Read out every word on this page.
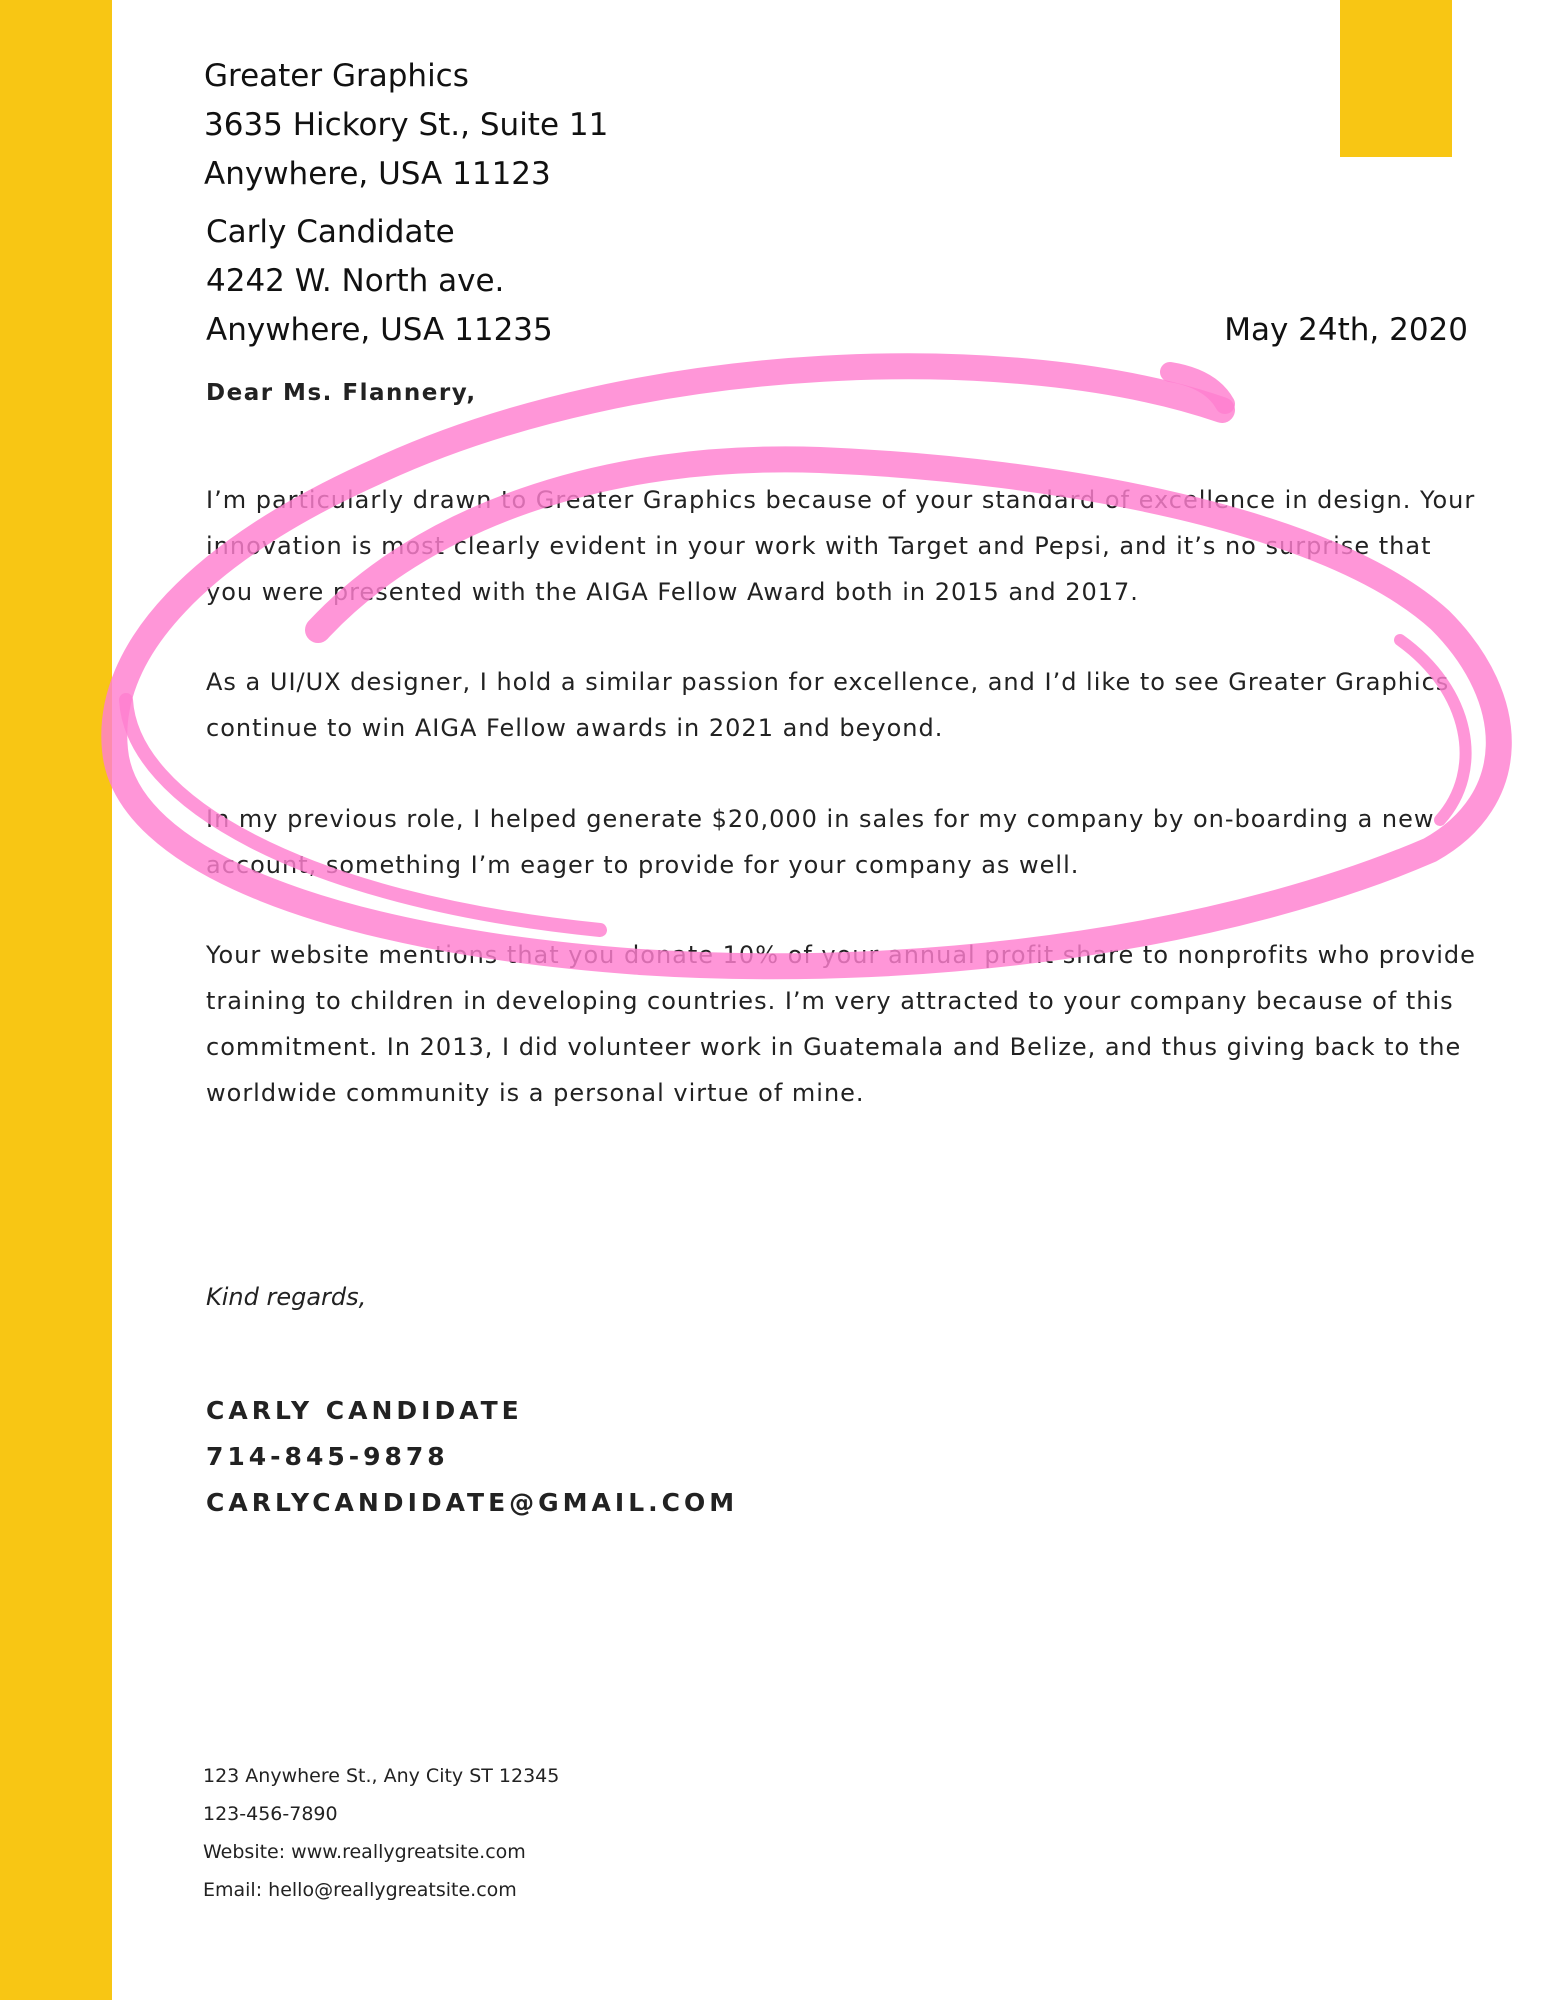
Greater Graphics
3635 Hickory St., Suite 11
Anywhere, USA 11123
Carly Candidate
4242 W. North ave.
Anywhere, USA 11235	May 24th, 2020
Dear Ms. Flannery,

I’m particularly drawn to Greater Graphics because of your standard of excellence in design. Your innovation is most clearly evident in your work with Target and Pepsi, and it’s no surprise that you were presented with the AIGA Fellow Award both in 2015 and 2017.

As a UI/UX designer, I hold a similar passion for excellence, and I’d like to see Greater Graphics continue to win AIGA Fellow awards in 2021 and beyond.

In my previous role, I helped generate $20,000 in sales for my company by on-boarding a new account, something I’m eager to provide for your company as well.

Your website mentions that you donate 10% of your annual profit share to nonprofits who provide training to children in developing countries. I’m very attracted to your company because of this commitment. In 2013, I did volunteer work in Guatemala and Belize, and thus giving back to the worldwide community is a personal virtue of mine.

Kind regards,
CARLY CANDIDATE
714-845-9878
CARLYCANDIDATE@GMAIL.COM
123 Anywhere St., Any City ST 12345
123-456-7890
Website: www.reallygreatsite.com
Email: hello@reallygreatsite.com
